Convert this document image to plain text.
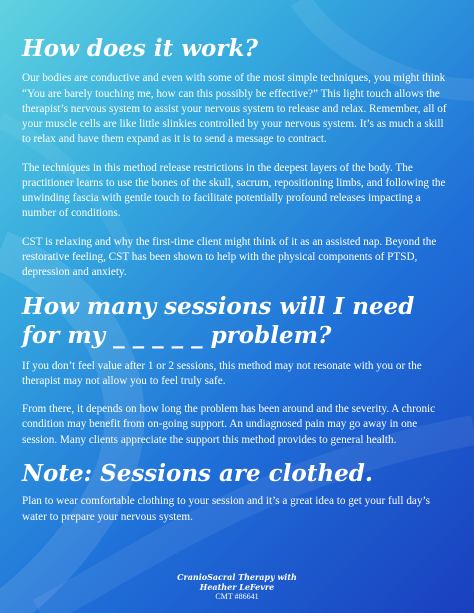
How does it work?

Our bodies are conductive and even with some of the most simple techniques, you might think “You are barely touching me, how can this possibly be effective?” This light touch allows the therapist’s nervous system to assist your nervous system to release and relax. Remember, all of your muscle cells are like little slinkies controlled by your nervous system. It’s as much a skill to relax and have them expand as it is to send a message to contract.

The techniques in this method release restrictions in the deepest layers of the body. The practitioner learns to use the bones of the skull, sacrum, repositioning limbs, and following the unwinding fascia with gentle touch to facilitate potentially profound releases impacting a number of conditions.

CST is relaxing and why the first-time client might think of it as an assisted nap. Beyond the restorative feeling, CST has been shown to help with the physical components of PTSD, depression and anxiety.

How many sessions will I need for my _ _ _ _ _ problem?

If you don’t feel value after 1 or 2 sessions, this method may not resonate with you or the therapist may not allow you to feel truly safe.

From there, it depends on how long the problem has been around and the severity. A chronic condition may benefit from on-going support. An undiagnosed pain may go away in one session. Many clients appreciate the support this method provides to general health.

Note: Sessions are clothed.

Plan to wear comfortable clothing to your session and it’s a great idea to get your full day’s water to prepare your nervous system.

CranioSacral Therapy with
Heather LeFevre
CMT #86641
